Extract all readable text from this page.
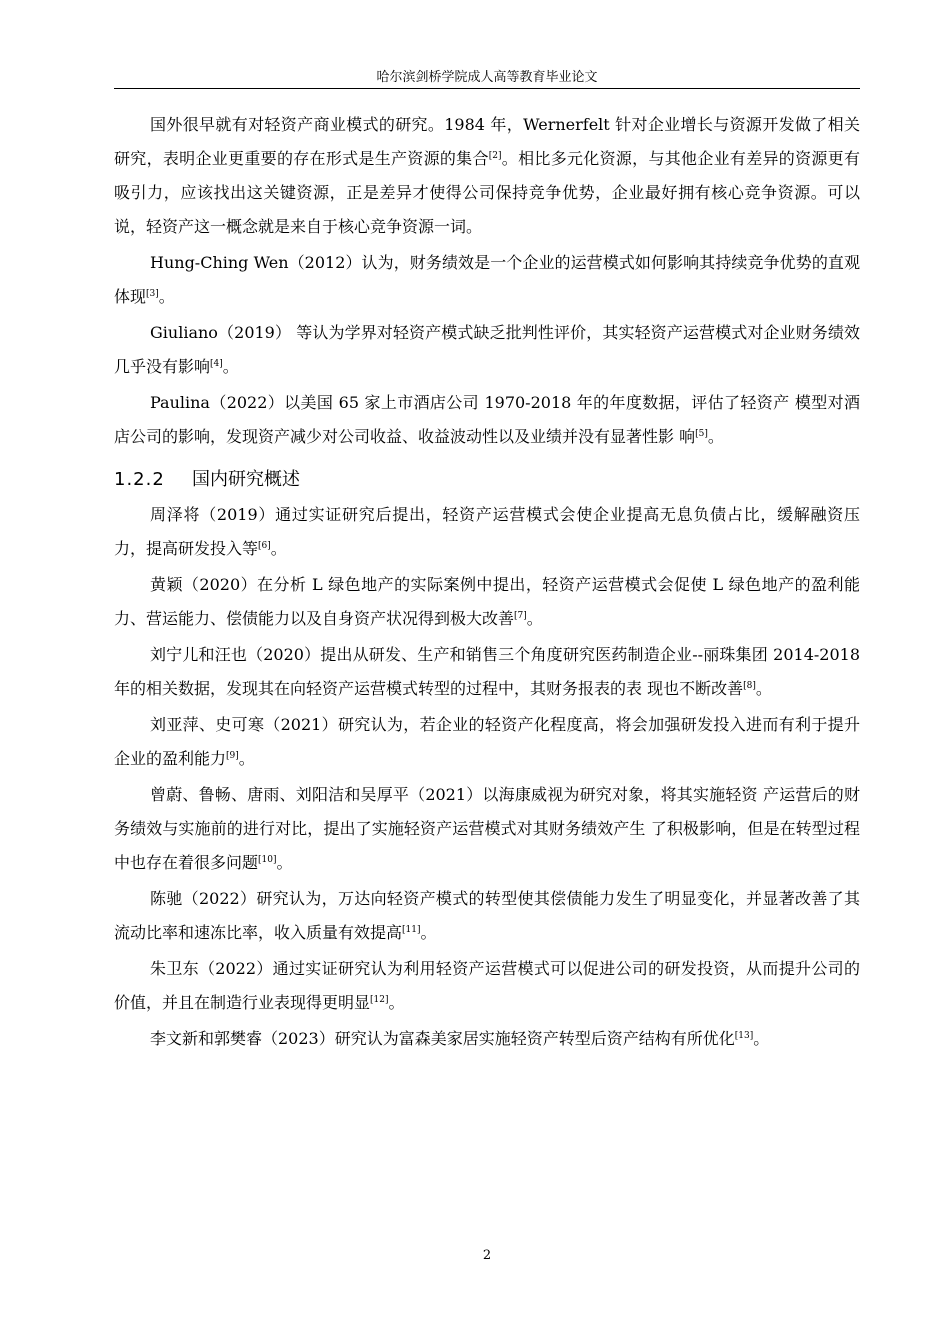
哈尔滨剑桥学院成人高等教育毕业论文

国外很早就有对轻资产商业模式的研究。1984 年，Wernerfelt 针对企业增长与资源开发做了相关研究，表明企业更重要的存在形式是生产资源的集合[2]。相比多元化资源，与其他企业有差异的资源更有吸引力，应该找出这关键资源，正是差异才使得公司保持竞争优势，企业最好拥有核心竞争资源。可以说，轻资产这一概念就是来自于核心竞争资源一词。

Hung-Ching Wen（2012）认为，财务绩效是一个企业的运营模式如何影响其持续竞争优势的直观体现[3]。

Giuliano（2019） 等认为学界对轻资产模式缺乏批判性评价，其实轻资产运营模式对企业财务绩效几乎没有影响[4]。

Paulina（2022）以美国 65 家上市酒店公司 1970-2018 年的年度数据，评估了轻资产 模型对酒店公司的影响，发现资产减少对公司收益、收益波动性以及业绩并没有显著性影 响[5]。

1.2.2 国内研究概述

周泽将（2019）通过实证研究后提出，轻资产运营模式会使企业提高无息负债占比，缓解融资压力，提高研发投入等[6]。

黄颖（2020）在分析 L 绿色地产的实际案例中提出，轻资产运营模式会促使 L 绿色地产的盈利能力、营运能力、偿债能力以及自身资产状况得到极大改善[7]。

刘宁儿和汪也（2020）提出从研发、生产和销售三个角度研究医药制造企业--丽珠集团 2014-2018 年的相关数据，发现其在向轻资产运营模式转型的过程中，其财务报表的表 现也不断改善[8]。

刘亚萍、史可寒（2021）研究认为，若企业的轻资产化程度高，将会加强研发投入进而有利于提升企业的盈利能力[9]。

曾蔚、鲁畅、唐雨、刘阳洁和吴厚平（2021）以海康威视为研究对象，将其实施轻资 产运营后的财务绩效与实施前的进行对比，提出了实施轻资产运营模式对其财务绩效产生 了积极影响，但是在转型过程中也存在着很多问题[10]。

陈驰（2022）研究认为，万达向轻资产模式的转型使其偿债能力发生了明显变化，并显著改善了其流动比率和速冻比率，收入质量有效提高[11]。

朱卫东（2022）通过实证研究认为利用轻资产运营模式可以促进公司的研发投资，从而提升公司的价值，并且在制造行业表现得更明显[12]。

李文新和郭樊睿（2023）研究认为富森美家居实施轻资产转型后资产结构有所优化[13]。

2
